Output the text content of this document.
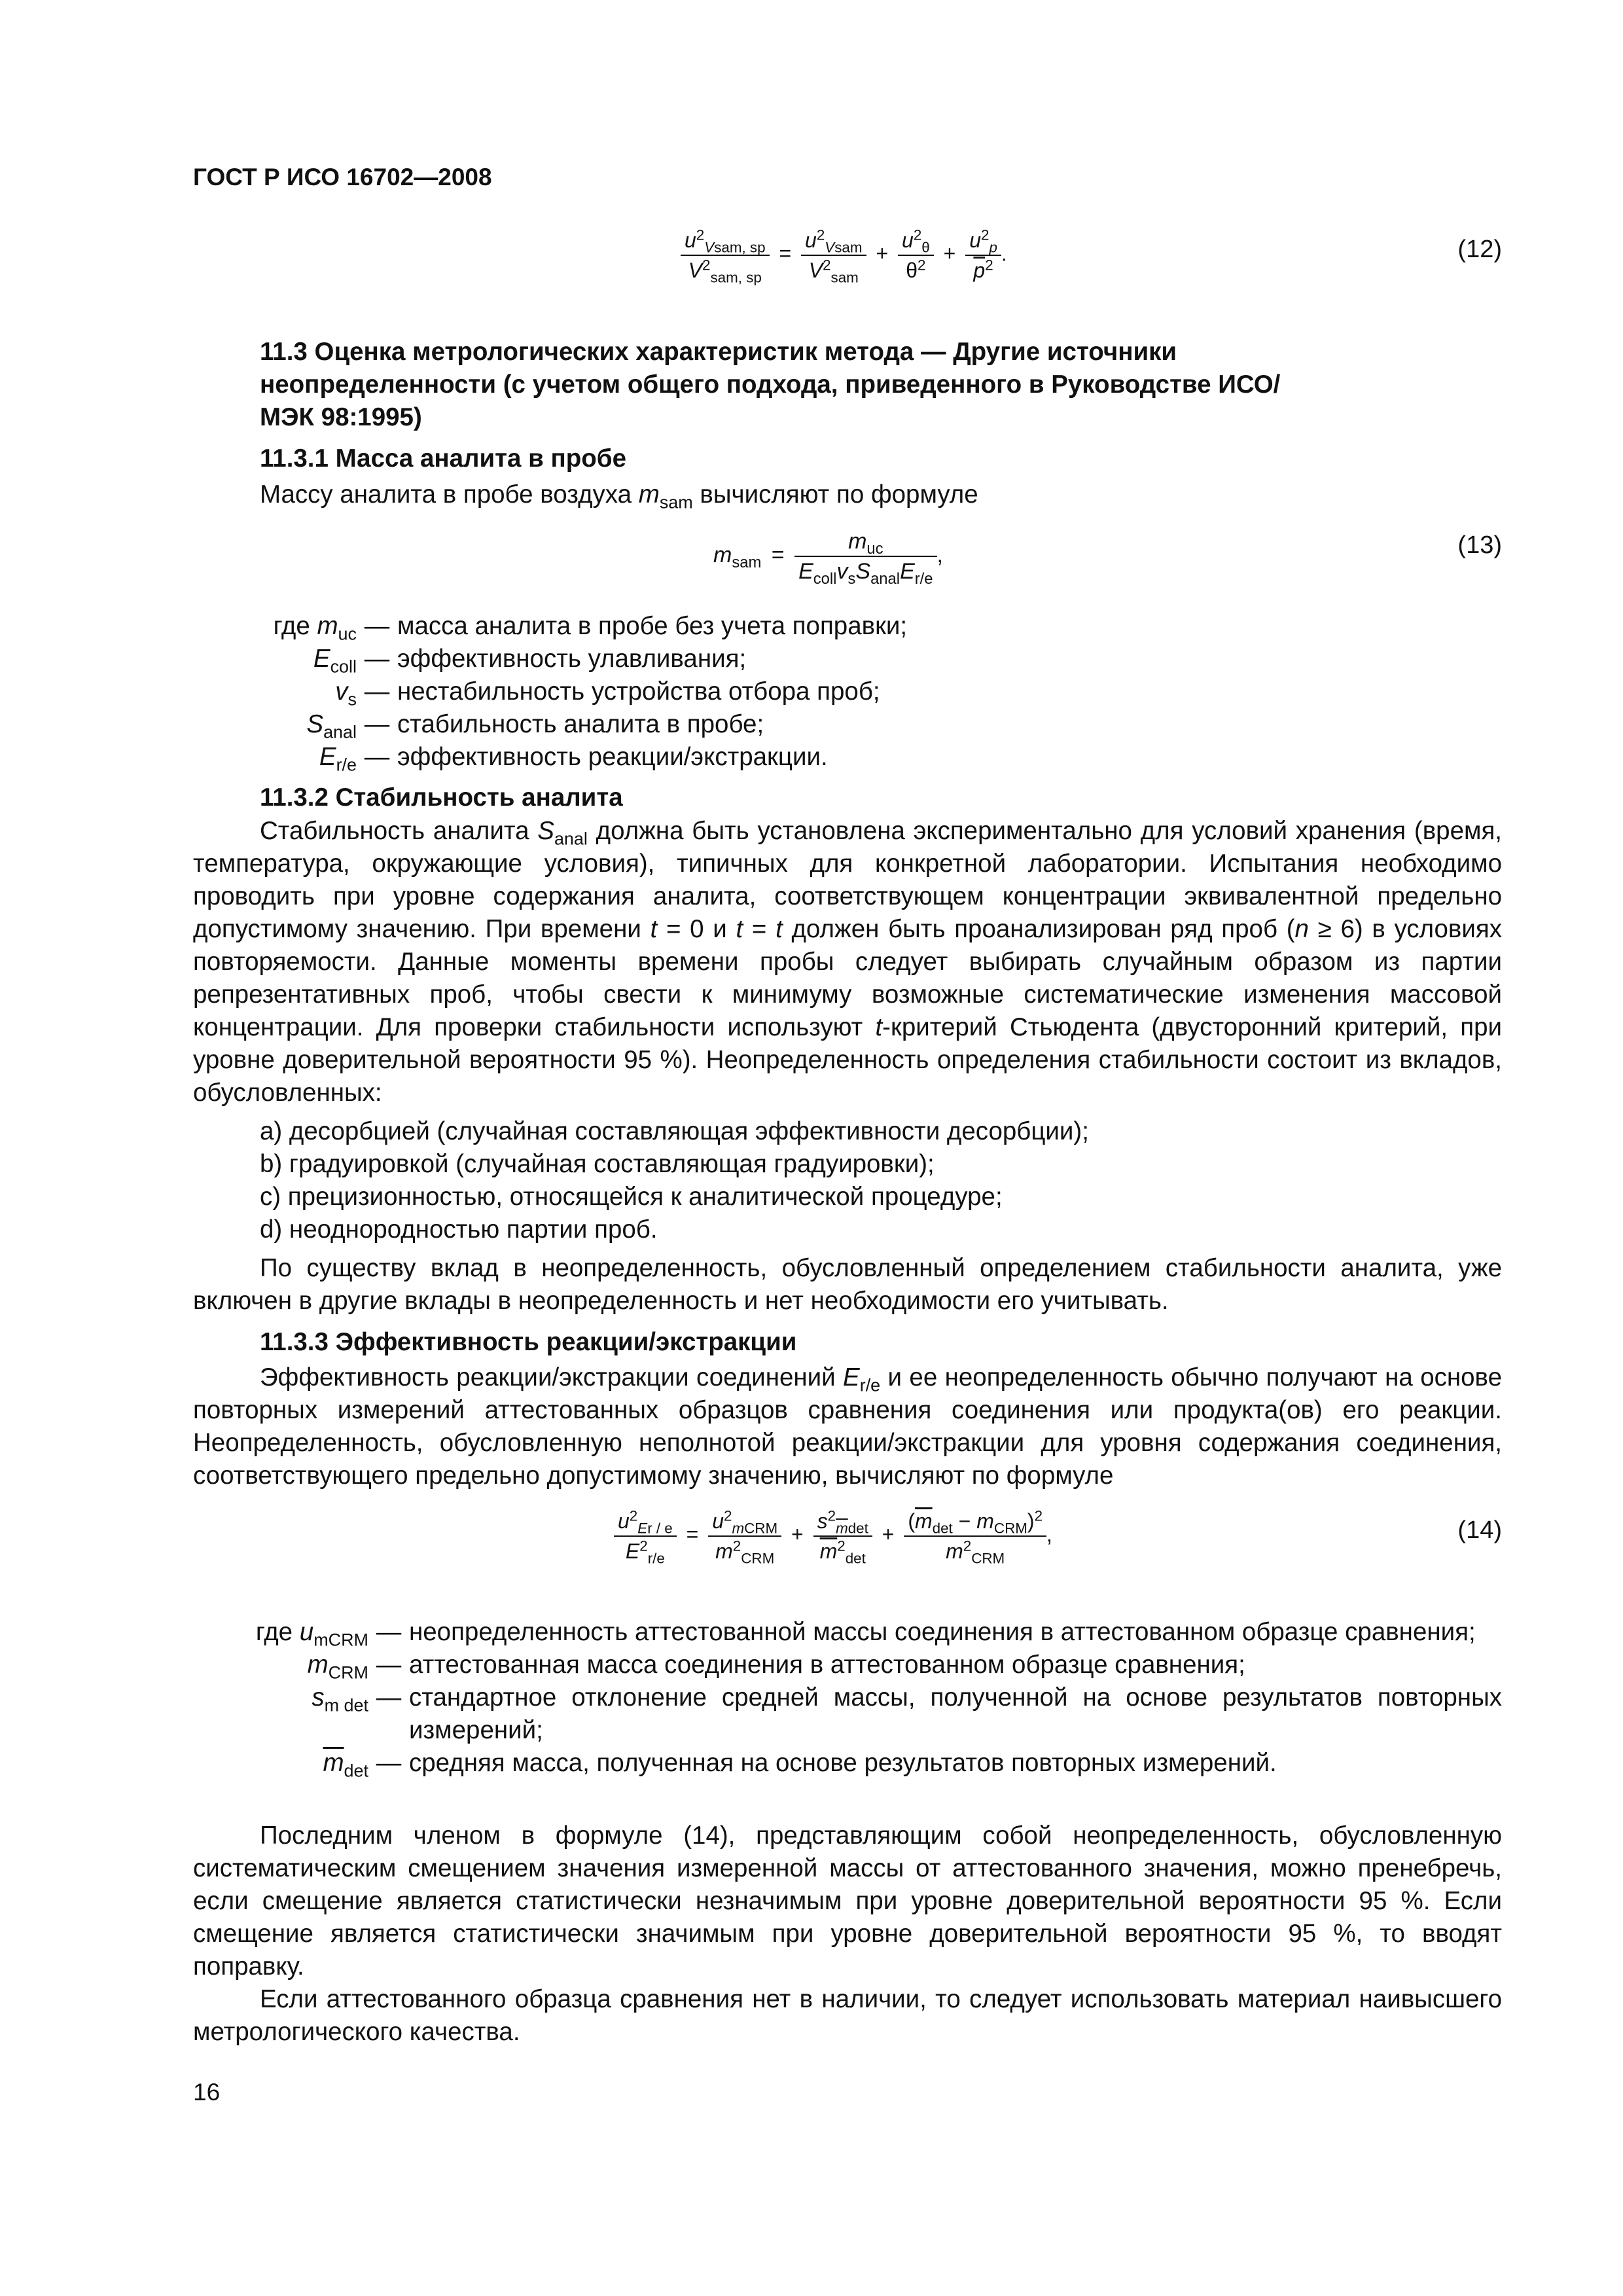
ГОСТ Р ИСО 16702—2008
$\frac{u^2_{Vsam, sp}}{V^2_{sam, sp}} = \frac{u^2_{Vsam}}{V^2_{sam}} + \frac{u^2_\theta}{\theta^2} + \frac{u^2_p}{\overline{p}^2}$ .	(12)
11.3 Оценка метрологических характеристик метода — Другие источники неопределенности (с учетом общего подхода, приведенного в Руководстве ИСО/МЭК 98:1995)
11.3.1 Масса аналита в пробе
Массу аналита в пробе воздуха $m_{sam}$ вычисляют по формуле
$m_{sam} = \frac{m_{uc}}{E_{coll}v_sS_{anal}E_{r/e}}$ ,	(13)
где $m_{uc}$ — масса аналита в пробе без учета поправки;
$E_{coll}$ — эффективность улавливания;
$v_s$ — нестабильность устройства отбора проб;
$S_{anal}$ — стабильность аналита в пробе;
$E_{r/e}$ — эффективность реакции/экстракции.
11.3.2 Стабильность аналита
Стабильность аналита $S_{anal}$ должна быть установлена экспериментально для условий хранения (время, температура, окружающие условия), типичных для конкретной лаборатории. Испытания необходимо проводить при уровне содержания аналита, соответствующем концентрации эквивалентной предельно допустимому значению. При времени t = 0 и t = t должен быть проанализирован ряд проб (n ≥ 6) в условиях повторяемости. Данные моменты времени пробы следует выбирать случайным образом из партии репрезентативных проб, чтобы свести к минимуму возможные систематические изменения массовой концентрации. Для проверки стабильности используют t-критерий Стьюдента (двусторонний критерий, при уровне доверительной вероятности 95 %). Неопределенность определения стабильности состоит из вкладов, обусловленных:
а) десорбцией (случайная составляющая эффективности десорбции);
b) градуировкой (случайная составляющая градуировки);
с) прецизионностью, относящейся к аналитической процедуре;
d) неоднородностью партии проб.
По существу вклад в неопределенность, обусловленный определением стабильности аналита, уже включен в другие вклады в неопределенность и нет необходимости его учитывать.
11.3.3 Эффективность реакции/экстракции
Эффективность реакции/экстракции соединений $E_{r/e}$ и ее неопределенность обычно получают на основе повторных измерений аттестованных образцов сравнения соединения или продукта(ов) его реакции. Неопределенность, обусловленную неполнотой реакции/экстракции для уровня содержания соединения, соответствующего предельно допустимому значению, вычисляют по формуле
$\frac{u^2_{Er / e}}{E^2_{r/e}} = \frac{u^2_{mCRM}}{m^2_{CRM}} + \frac{s^2_{\overline{m}det}}{\overline{m}^2_{det}} + \frac{(\overline{m}_{det} - m_{CRM})^2}{m^2_{CRM}}$ ,	(14)
где $u_{mCRM}$ — неопределенность аттестованной массы соединения в аттестованном образце сравнения;
$m_{CRM}$ — аттестованная масса соединения в аттестованном образце сравнения;
$s_{m det}$ — стандартное отклонение средней массы, полученной на основе результатов повторных измерений;
$\overline{m}_{det}$ — средняя масса, полученная на основе результатов повторных измерений.
Последним членом в формуле (14), представляющим собой неопределенность, обусловленную систематическим смещением значения измеренной массы от аттестованного значения, можно пренебречь, если смещение является статистически незначимым при уровне доверительной вероятности 95 %. Если смещение является статистически значимым при уровне доверительной вероятности 95 %, то вводят поправку.
Если аттестованного образца сравнения нет в наличии, то следует использовать материал наивысшего метрологического качества.
16
